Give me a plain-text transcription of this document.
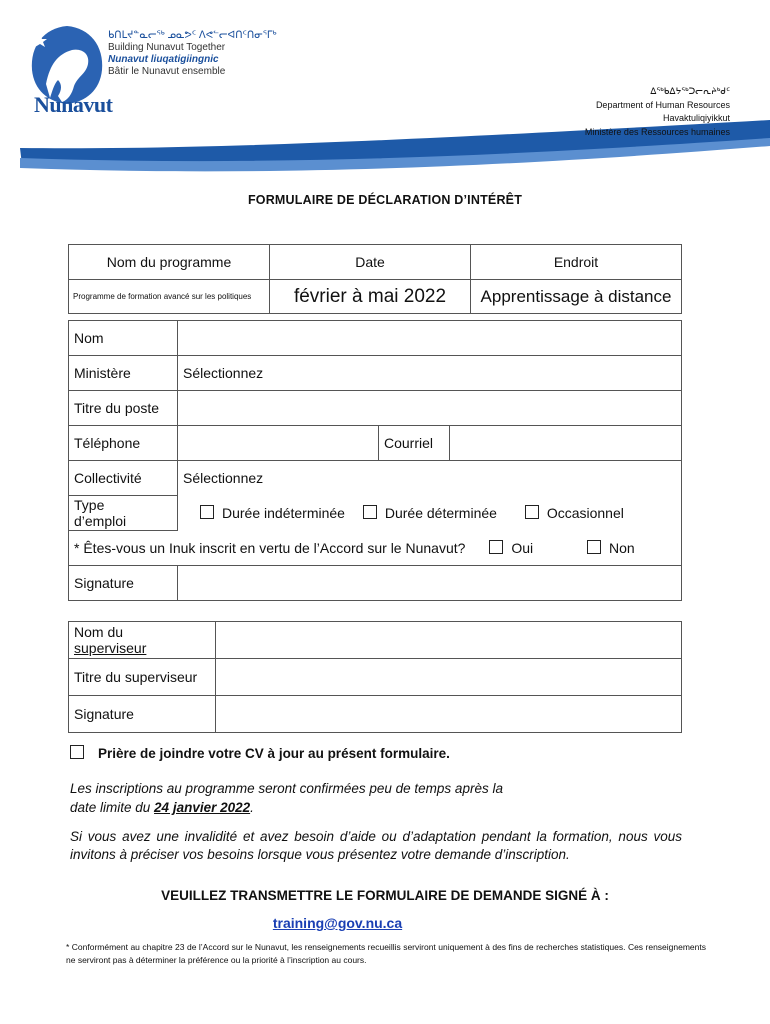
Nunavut
ᑲᑎᒪᔪᓐᓇᓕᖅ ᓄᓇᕗᑦ ᐱᕙᓪᓕᐊᑎᑦᑎᓂᕐᒥᒃ
Building Nunavut Together
Nunavut liuqatigiingnic
Bâtir le Nunavut ensemble
ᐃᖅᑲᐃᔭᖅᑐᓕᕆᔨᒃᑯᑦ
Department of Human Resources
Havaktuliqiyikkut
Ministère des Ressources humaines
FORMULAIRE DE DÉCLARATION D’INTÉRÊT
Nom du programme	Date	Endroit
Programme de formation avancé sur les politiques	février à mai 2022	Apprentissage à distance
Nom			
Ministère	Sélectionnez		
Titre du poste			
Téléphone		Courriel	
Collectivité	Sélectionnez		

Type
d’emploi	Durée indéterminée Durée déterminée Occasionnel		
* Êtes-vous un Inuk inscrit en vertu de l’Accord sur le Nunavut? Oui Non			
Signature			
Nom du
superviseur	

Titre du superviseur	
Signature	
Prière de joindre votre CV à jour au présent formulaire.
Les inscriptions au programme seront confirmées peu de temps après la
date limite du 24 janvier 2022.
Si vous avez une invalidité et avez besoin d’aide ou d’adaptation pendant la formation, nous vous invitons à préciser vos besoins lorsque vous présentez votre demande d’inscription.
VEUILLEZ TRANSMETTRE LE FORMULAIRE DE DEMANDE SIGNÉ À :
training@gov.nu.ca
* Conformément au chapitre 23 de l’Accord sur le Nunavut, les renseignements recueillis serviront uniquement à des fins de recherches statistiques. Ces renseignements ne serviront pas à déterminer la préférence ou la priorité à l’inscription au cours.
